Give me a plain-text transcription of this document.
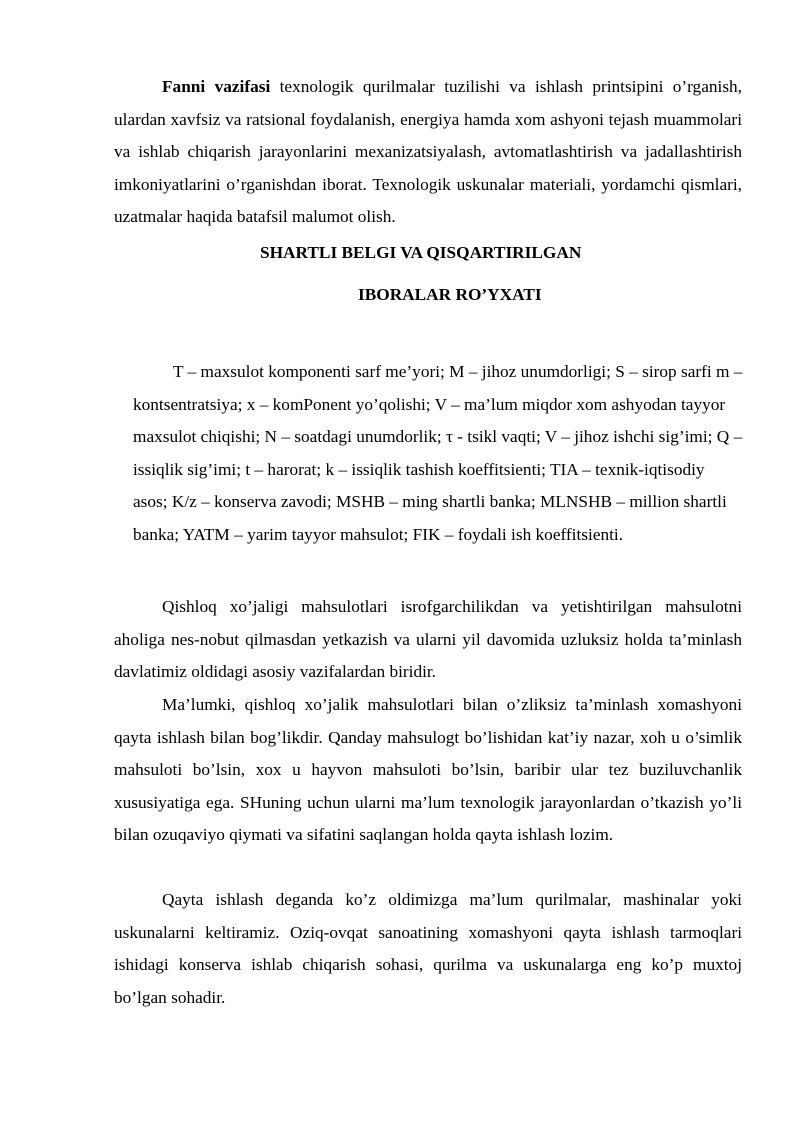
Fanni vazifasi texnologik qurilmalar tuzilishi va ishlash printsipini o’rganish, ulardan xavfsiz va ratsional foydalanish, energiya hamda xom ashyoni tejash muammolari va ishlab chiqarish jarayonlarini mexanizatsiyalash, avtomatlashtirish va jadallashtirish imkoniyatlarini o’rganishdan iborat. Texnologik uskunalar materiali, yordamchi qismlari, uzatmalar haqida batafsil malumot olish.

SHARTLI BELGI VA QISQARTIRILGAN
IBORALAR RO’YXATI

T – maxsulot komponenti sarf me’yori; M – jihoz unumdorligi; S – sirop sarfi m – kontsentratsiya; x – komPonent yo’qolishi; V – ma’lum miqdor xom ashyodan tayyor maxsulot chiqishi; N – soatdagi unumdorlik; τ - tsikl vaqti; V – jihoz ishchi sig’imi; Q – issiqlik sig’imi; t – harorat; k – issiqlik tashish koeffitsienti; TIA – texnik-iqtisodiy asos; K/z – konserva zavodi; MSHB – ming shartli banka; MLNSHB – million shartli banka; YATM – yarim tayyor mahsulot; FIK – foydali ish koeffitsienti.

Qishloq xo’jaligi mahsulotlari isrofgarchilikdan va yetishtirilgan mahsulotni aholiga nes-nobut qilmasdan yetkazish va ularni yil davomida uzluksiz holda ta’minlash davlatimiz oldidagi asosiy vazifalardan biridir.

Ma’lumki, qishloq xo’jalik mahsulotlari bilan o’zliksiz ta’minlash xomashyoni qayta ishlash bilan bog’likdir. Qanday mahsulogt bo’lishidan kat’iy nazar, xoh u o’simlik mahsuloti bo’lsin, xox u hayvon mahsuloti bo’lsin, baribir ular tez buziluvchanlik xususiyatiga ega. SHuning uchun ularni ma’lum texnologik jarayonlardan o’tkazish yo’li bilan ozuqaviyo qiymati va sifatini saqlangan holda qayta ishlash lozim.

Qayta ishlash deganda ko’z oldimizga ma’lum qurilmalar, mashinalar yoki uskunalarni keltiramiz. Oziq-ovqat sanoatining xomashyoni qayta ishlash tarmoqlari ishidagi konserva ishlab chiqarish sohasi, qurilma va uskunalarga eng ko’p muxtoj bo’lgan sohadir.
